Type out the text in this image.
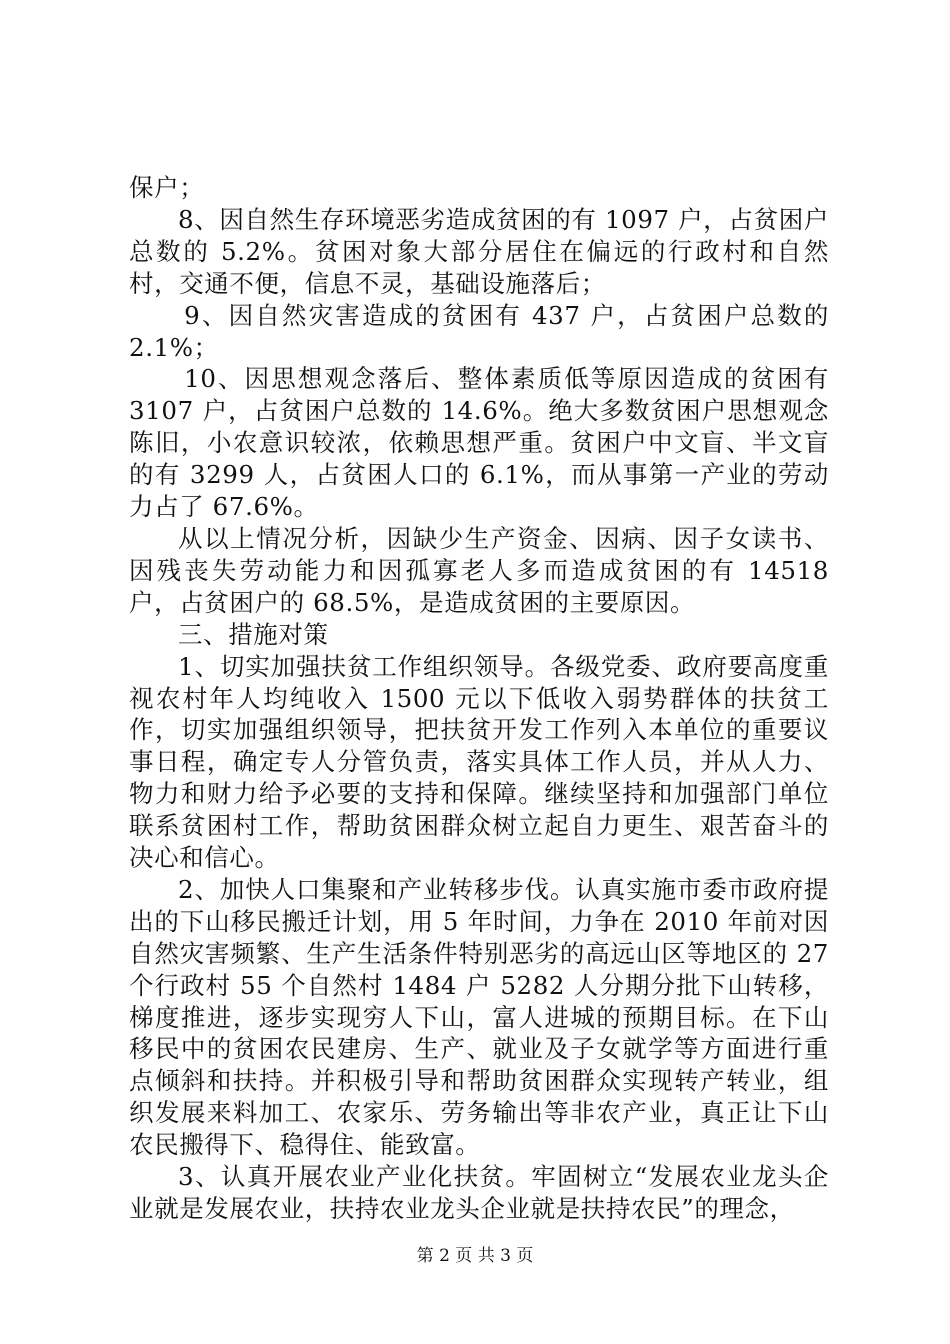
保户；

8、因自然生存环境恶劣造成贫困的有 1097 户，占贫困户总数的 5.2%。贫困对象大部分居住在偏远的行政村和自然村，交通不便，信息不灵，基础设施落后；

9、因自然灾害造成的贫困有 437 户，占贫困户总数的 2.1%；

10、因思想观念落后、整体素质低等原因造成的贫困有 3107 户，占贫困户总数的 14.6%。绝大多数贫困户思想观念陈旧，小农意识较浓，依赖思想严重。贫困户中文盲、半文盲的有 3299 人，占贫困人口的 6.1%，而从事第一产业的劳动力占了 67.6%。

从以上情况分析，因缺少生产资金、因病、因子女读书、因残丧失劳动能力和因孤寡老人多而造成贫困的有 14518 户，占贫困户的 68.5%，是造成贫困的主要原因。

三、措施对策

1、切实加强扶贫工作组织领导。各级党委、政府要高度重视农村年人均纯收入 1500 元以下低收入弱势群体的扶贫工作，切实加强组织领导，把扶贫开发工作列入本单位的重要议事日程，确定专人分管负责，落实具体工作人员，并从人力、物力和财力给予必要的支持和保障。继续坚持和加强部门单位联系贫困村工作，帮助贫困群众树立起自力更生、艰苦奋斗的决心和信心。

2、加快人口集聚和产业转移步伐。认真实施市委市政府提出的下山移民搬迁计划，用 5 年时间，力争在 2010 年前对因自然灾害频繁、生产生活条件特别恶劣的高远山区等地区的 27 个行政村 55 个自然村 1484 户 5282 人分期分批下山转移，梯度推进，逐步实现穷人下山，富人进城的预期目标。在下山移民中的贫困农民建房、生产、就业及子女就学等方面进行重点倾斜和扶持。并积极引导和帮助贫困群众实现转产转业，组织发展来料加工、农家乐、劳务输出等非农产业，真正让下山农民搬得下、稳得住、能致富。

3、认真开展农业产业化扶贫。牢固树立“发展农业龙头企业就是发展农业，扶持农业龙头企业就是扶持农民”的理念，

第 2 页 共 3 页
